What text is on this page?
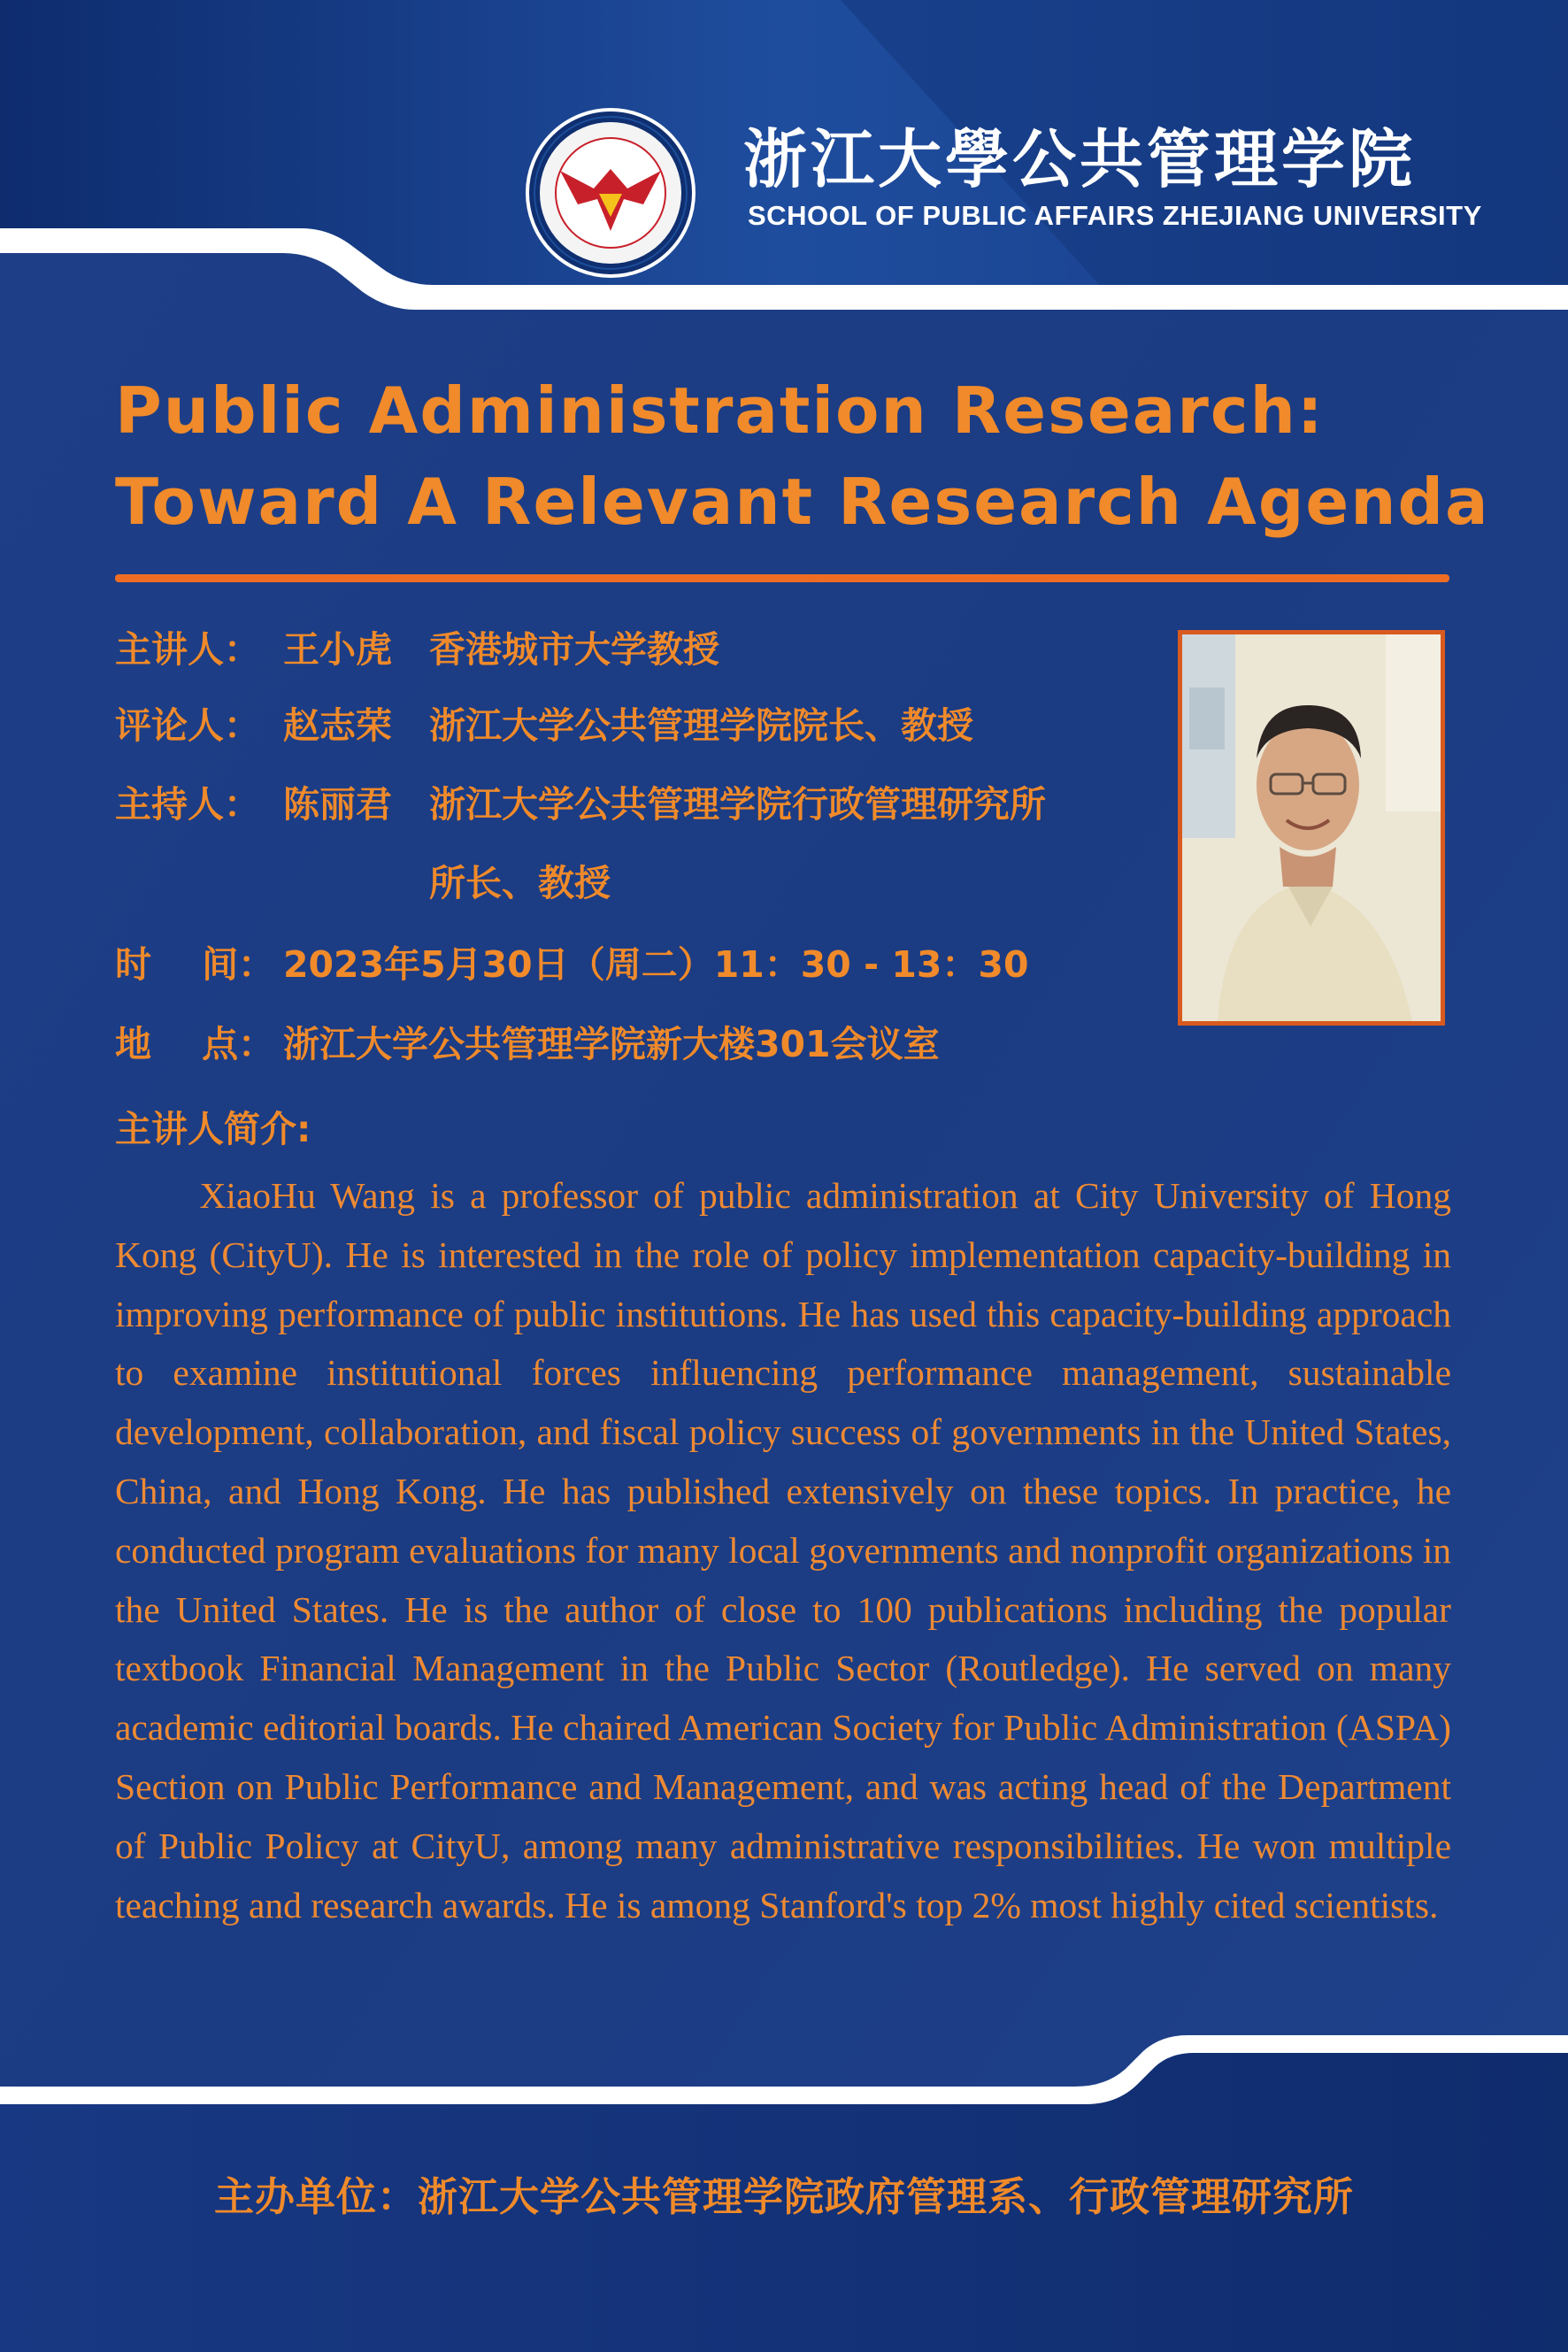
浙江大學公共管理学院
SCHOOL OF PUBLIC AFFAIRS ZHEJIANG UNIVERSITY
Public Administration Research:
Toward A Relevant Research Agenda
主讲人： 王小虎 香港城市大学教授
评论人： 赵志荣 浙江大学公共管理学院院长、教授
主持人： 陈丽君 浙江大学公共管理学院行政管理研究所
所长、教授
时    间： 2023年5月30日（周二）11：30 - 13：30
地    点： 浙江大学公共管理学院新大楼301会议室
主讲人简介:

XiaoHu Wang is a professor of public administration at City University of Hong Kong (CityU). He is interested in the role of policy implementation capacity-building in improving performance of public institutions. He has used this capacity-building approach to examine institutional forces influencing performance management, sustainable development, collaboration, and fiscal policy success of governments in the United States, China, and Hong Kong. He has published extensively on these topics. In practice, he conducted program evaluations for many local governments and nonprofit organizations in the United States. He is the author of close to 100 publications including the popular textbook Financial Management in the Public Sector (Routledge). He served on many academic editorial boards. He chaired American Society for Public Administration (ASPA) Section on Public Performance and Management, and was acting head of the Department of Public Policy at CityU, among many administrative responsibilities. He won multiple teaching and research awards. He is among Stanford's top 2% most highly cited scientists.

主办单位：浙江大学公共管理学院政府管理系、行政管理研究所
